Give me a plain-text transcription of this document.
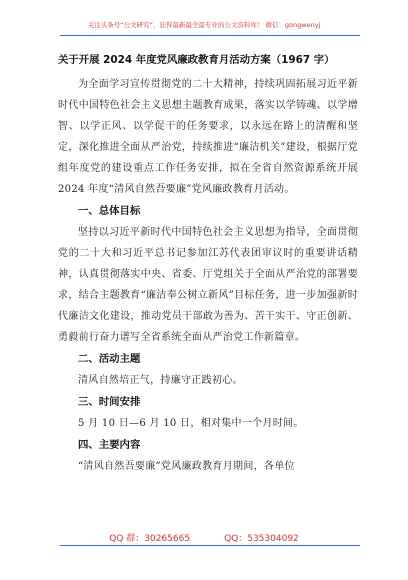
关注头条号“公文研究”，获得最新最全最专业的公文资料库！ 微信：gongwenyj
关于开展 2024 年度党风廉政教育月活动方案（1967 字）

为全面学习宣传贯彻党的二十大精神，持续巩固拓展习近平新时代中国特色社会主义思想主题教育成果，落实以学铸魂、以学增智、以学正风、以学促干的任务要求，以永远在路上的清醒和坚定，深化推进全面从严治党，持续推进“廉洁机关”建设，根据厅党组年度党的建设重点工作任务安排，拟在全省自然资源系统开展 2024 年度“清风自然吾要廉”党风廉政教育月活动。

一、总体目标

坚持以习近平新时代中国特色社会主义思想为指导，全面贯彻党的二十大和习近平总书记参加江苏代表团审议时的重要讲话精神，认真贯彻落实中央、省委、厅党组关于全面从严治党的部署要求，结合主题教育“廉洁奉公树立新风”目标任务，进一步加强新时代廉洁文化建设，推动党员干部敢为善为、苦干实干、守正创新、勇毅前行奋力谱写全省系统全面从严治党工作新篇章。

二、活动主题

清风自然培正气，持廉守正践初心。

三、时间安排

5 月 10 日—6 月 10 日，相对集中一个月时间。

四、主要内容

“清风自然吾要廉”党风廉政教育月期间，各单位

QQ 群：30265665	QQ：535304092
